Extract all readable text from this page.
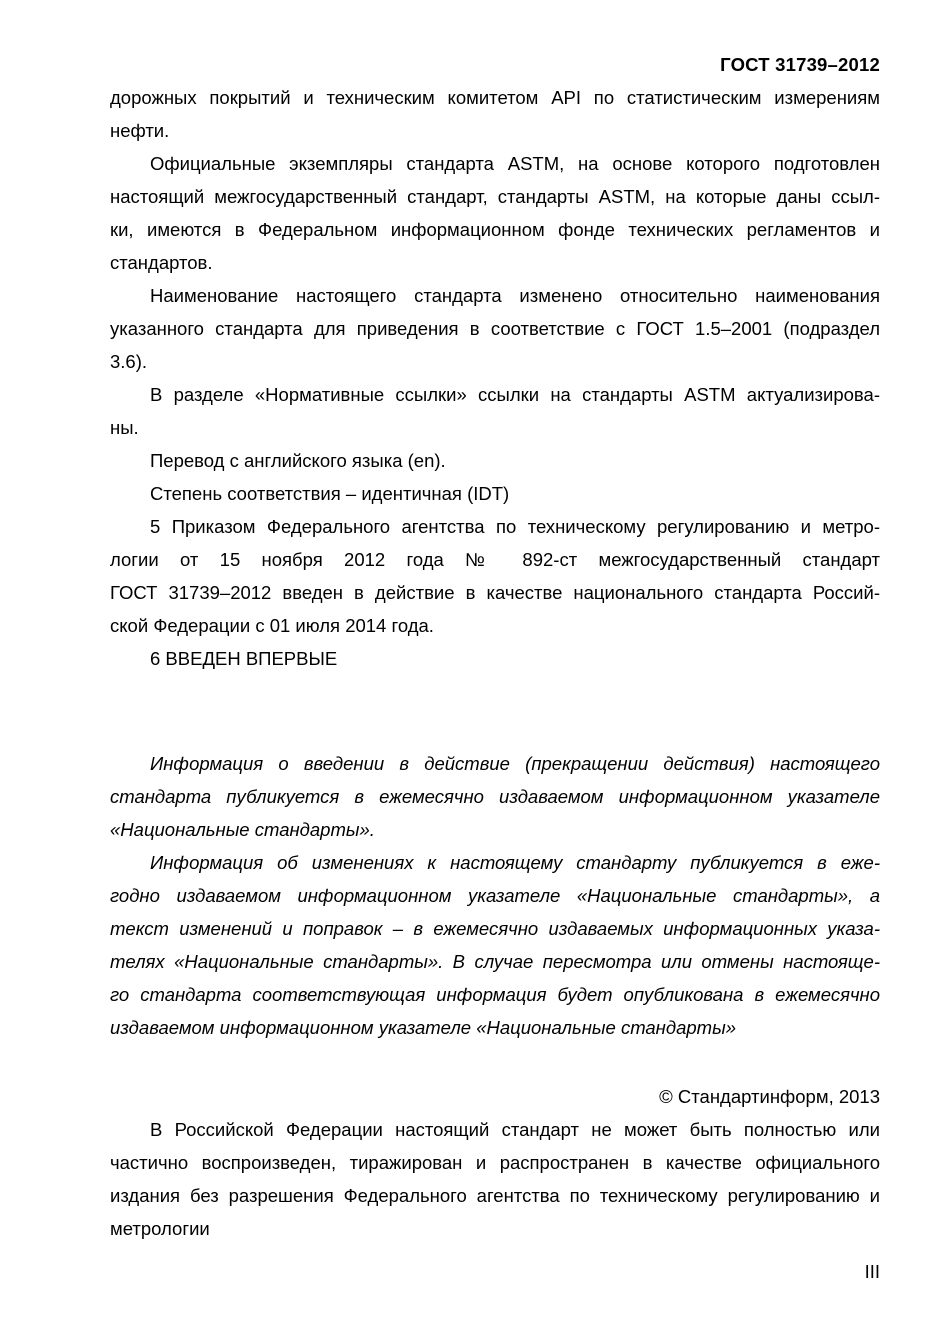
ГОСТ 31739–2012
дорожных покрытий и техническим комитетом API по статистическим измерениям
нефти.
Официальные экземпляры стандарта ASTM, на основе которого подготовлен
настоящий межгосударственный стандарт, стандарты ASTM, на которые даны ссыл-
ки, имеются в Федеральном информационном фонде технических регламентов и
стандартов.
Наименование настоящего стандарта изменено относительно наименования
указанного стандарта для приведения в соответствие с ГОСТ 1.5–2001 (подраздел
3.6).
В разделе «Нормативные ссылки» ссылки на стандарты ASTM актуализирова-
ны.
Перевод с английского языка (en).
Степень соответствия – идентичная (IDT)
5 Приказом Федерального агентства по техническому регулированию и метро-
логии от 15 ноября 2012 года № 892-ст межгосударственный стандарт
ГОСТ 31739–2012 введен в действие в качестве национального стандарта Россий-
ской Федерации с 01 июля 2014 года.
6 ВВЕДЕН ВПЕРВЫЕ
Информация о введении в действие (прекращении действия) настоящего
стандарта публикуется в ежемесячно издаваемом информационном указателе
«Национальные стандарты».
Информация об изменениях к настоящему стандарту публикуется в еже-
годно издаваемом информационном указателе «Национальные стандарты», а
текст изменений и поправок – в ежемесячно издаваемых информационных указа-
телях «Национальные стандарты». В случае пересмотра или отмены настояще-
го стандарта соответствующая информация будет опубликована в ежемесячно
издаваемом информационном указателе «Национальные стандарты»
© Стандартинформ, 2013
В Российской Федерации настоящий стандарт не может быть полностью или
частично воспроизведен, тиражирован и распространен в качестве официального
издания без разрешения Федерального агентства по техническому регулированию и
метрологии
III
